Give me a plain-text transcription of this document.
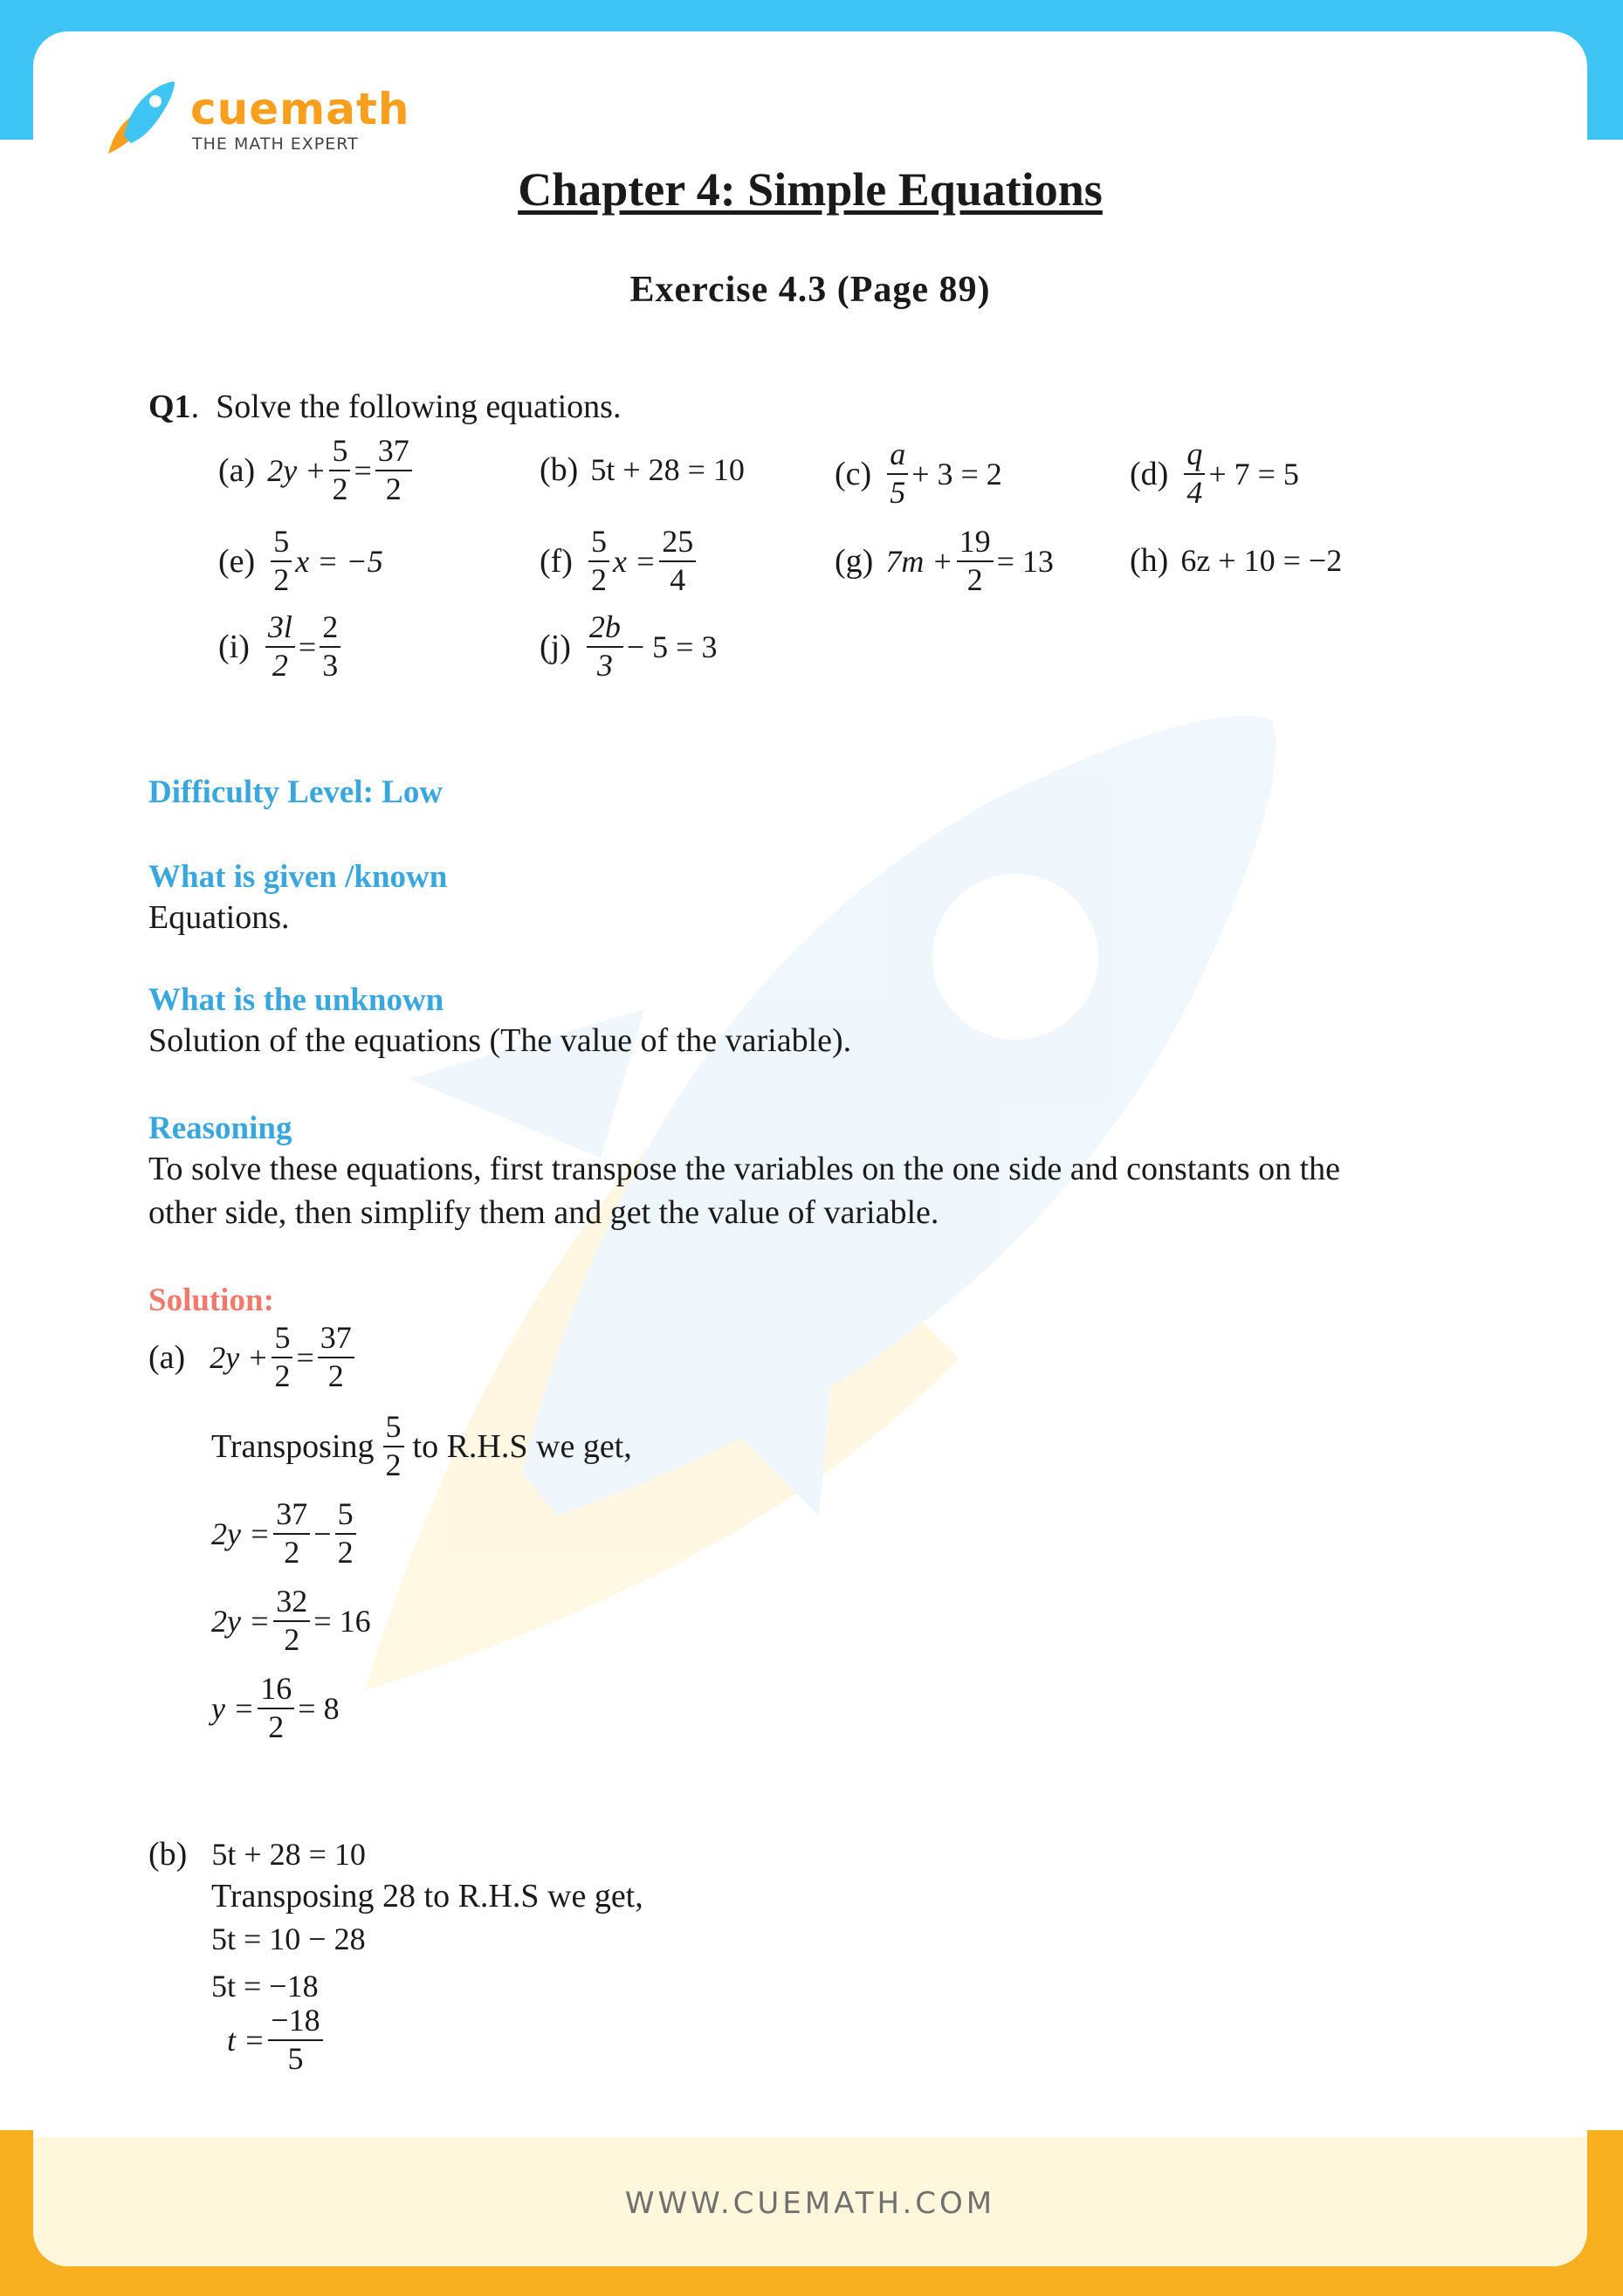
cuemath
THE MATH EXPERT
Chapter 4: Simple Equations
Exercise 4.3 (Page 89)
Q1.  Solve the following equations.
(a) $2y + \frac{5}{2} = \frac{37}{2}$	(b) 5t + 28 = 10	$(c) \frac{a}{5} + 3 = 2$	$(d) \frac{q}{4} + 7 = 5$
$(e) \frac{5}{2}$ x = −5	$(f) \frac{5}{2}$ $x = \frac{25}{4}$	(g) $7m + \frac{19}{2} = 13$ (h) 6z + 10 = −2
$(i) \frac{3l}{2} = \frac{2}{3}$	$(j) \frac{2b}{3} - 5 = 3$
Difficulty Level: Low
What is given /known
Equations.
What is the unknown
Solution of the equations (The value of the variable).
Reasoning
To solve these equations, first transpose the variables on the one side and constants on the
other side, then simplify them and get the value of variable.
Solution:
(a) $2y + \frac{5}{2} = \frac{37}{2}$
Transposing $\frac{5}{2}$ to R.H.S we get,
$2y = \frac{37}{2} - \frac{5}{2}$
$2y = \frac{32}{2} = 16$
$y = \frac{16}{2} = 8$
(b) 5t + 28 = 10
Transposing 28 to R.H.S we get,
5t = 10 − 28
5t = −18
$t = \frac{-18}{5}$
WWW.CUEMATH.COM
